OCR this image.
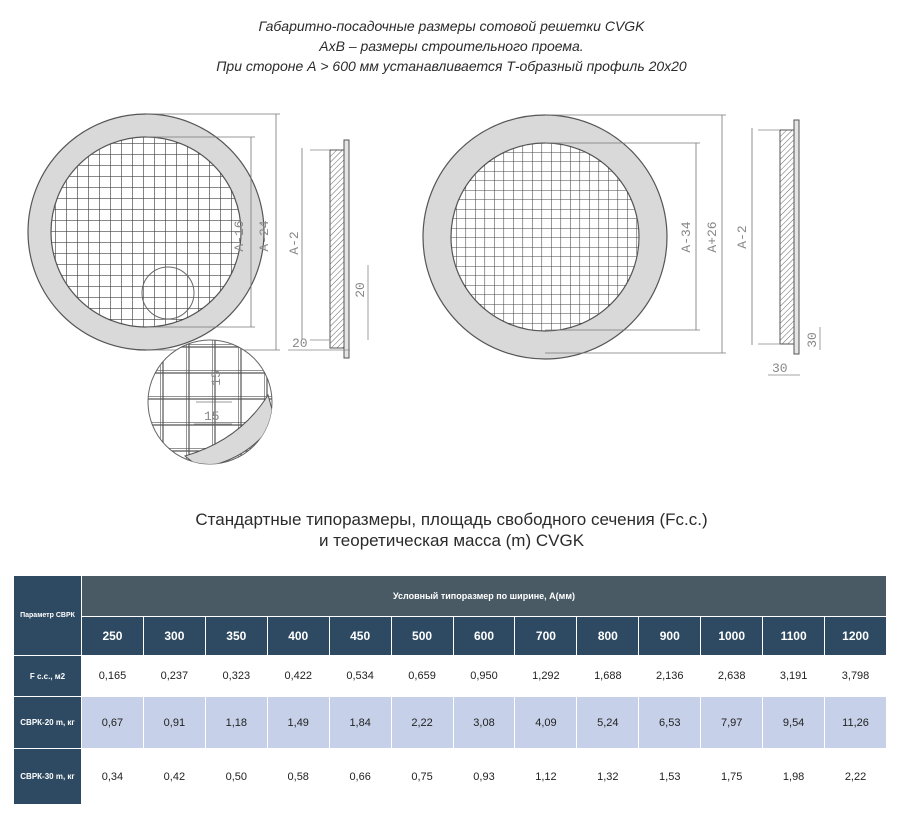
Габаритно-посадочные размеры сотовой решетки CVGK
АхВ – размеры строительного проема.
При стороне А > 600 мм устанавливается Т-образный профиль 20х20
А-24
А-16	А-2
20
20
15
15
А-34 А+26 А-2
30
30
Стандартные типоразмеры, площадь свободного сечения (Fс.с.)
и теоретическая масса (m) CVGK
Параметр СВРК	Условный типоразмер по ширине, А(мм)												
	250	300	350	400	450	500	600	700	800	900	1000	1100	1200
F с.с., м2	0,165	0,237	0,323	0,422	0,534	0,659	0,950	1,292	1,688	2,136	2,638	3,191	3,798
СВРК-20 m, кг	0,67	0,91	1,18	1,49	1,84	2,22	3,08	4,09	5,24	6,53	7,97	9,54	11,26
СВРК-30 m, кг	0,34	0,42	0,50	0,58	0,66	0,75	0,93	1,12	1,32	1,53	1,75	1,98	2,22
